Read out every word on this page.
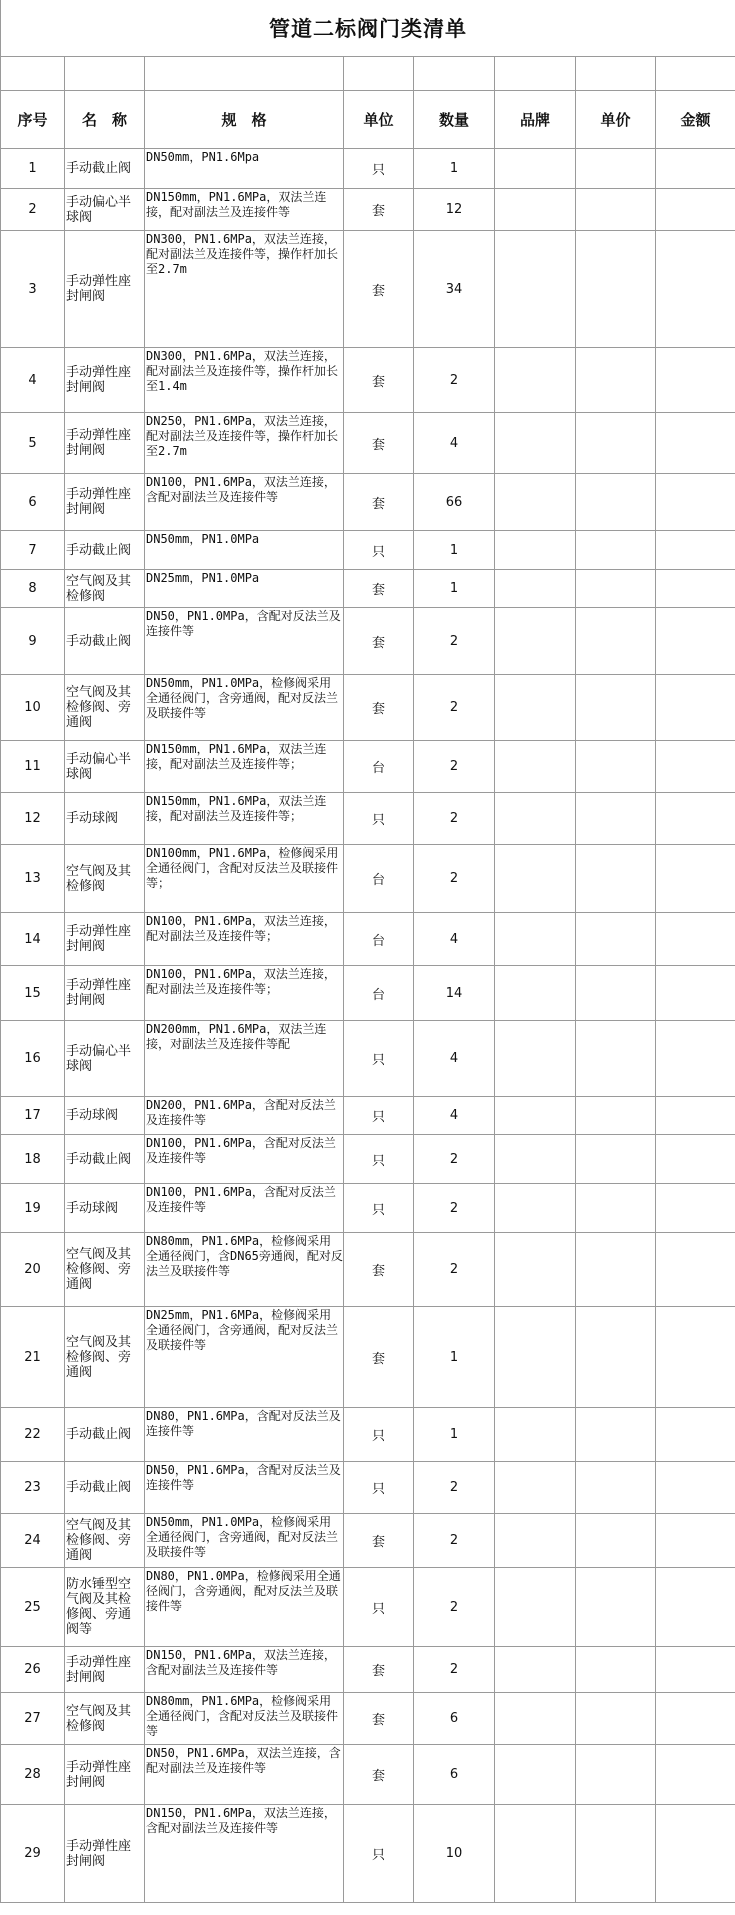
管道二标阀门类清单							

序号	名　称	规　格	单位	数量	品牌	单价	金额
1	手动截止阀	DN50mm，PN1.6Mpa	只	1			
2	手动偏心半球阀	DN150mm，PN1.6MPa，双法兰连接，配对副法兰及连接件等	套	12			
3	手动弹性座封闸阀	DN300，PN1.6MPa，双法兰连接，配对副法兰及连接件等，操作杆加长至2.7m	套	34			
4	手动弹性座封闸阀	DN300，PN1.6MPa，双法兰连接，配对副法兰及连接件等，操作杆加长至1.4m	套	2			
5	手动弹性座封闸阀	DN250，PN1.6MPa，双法兰连接，配对副法兰及连接件等，操作杆加长至2.7m	套	4			
6	手动弹性座封闸阀	DN100，PN1.6MPa，双法兰连接，含配对副法兰及连接件等	套	66			
7	手动截止阀	DN50mm，PN1.0MPa	只	1			
8	空气阀及其检修阀	DN25mm，PN1.0MPa	套	1			
9	手动截止阀	DN50，PN1.0MPa，含配对反法兰及连接件等	套	2			
10	空气阀及其检修阀、旁通阀	DN50mm，PN1.0MPa，检修阀采用全通径阀门，含旁通阀，配对反法兰及联接件等	套	2			
11	手动偏心半球阀	DN150mm，PN1.6MPa，双法兰连接，配对副法兰及连接件等；	台	2			
12	手动球阀	DN150mm，PN1.6MPa，双法兰连接，配对副法兰及连接件等；	只	2			
13	空气阀及其检修阀	DN100mm，PN1.6MPa，检修阀采用全通径阀门，含配对反法兰及联接件等；	台	2			
14	手动弹性座封闸阀	DN100，PN1.6MPa，双法兰连接，配对副法兰及连接件等；	台	4			
15	手动弹性座封闸阀	DN100，PN1.6MPa，双法兰连接，配对副法兰及连接件等；	台	14			
16	手动偏心半球阀	DN200mm，PN1.6MPa，双法兰连接，对副法兰及连接件等配	只	4			
17	手动球阀	DN200，PN1.6MPa，含配对反法兰及连接件等	只	4			
18	手动截止阀	DN100，PN1.6MPa，含配对反法兰及连接件等	只	2			
19	手动球阀	DN100，PN1.6MPa，含配对反法兰及连接件等	只	2			
20	空气阀及其检修阀、旁通阀	DN80mm，PN1.6MPa，检修阀采用全通径阀门，含DN65旁通阀，配对反法兰及联接件等	套	2			
21	空气阀及其检修阀、旁通阀	DN25mm，PN1.6MPa，检修阀采用全通径阀门，含旁通阀，配对反法兰及联接件等	套	1			
22	手动截止阀	DN80，PN1.6MPa，含配对反法兰及连接件等	只	1			
23	手动截止阀	DN50，PN1.6MPa，含配对反法兰及连接件等	只	2			
24	空气阀及其检修阀、旁通阀	DN50mm，PN1.0MPa，检修阀采用全通径阀门，含旁通阀，配对反法兰及联接件等	套	2			
25	防水锤型空气阀及其检修阀、旁通阀等	DN80，PN1.0MPa，检修阀采用全通径阀门，含旁通阀，配对反法兰及联接件等	只	2			
26	手动弹性座封闸阀	DN150，PN1.6MPa，双法兰连接，含配对副法兰及连接件等	套	2			
27	空气阀及其检修阀	DN80mm，PN1.6MPa，检修阀采用全通径阀门，含配对反法兰及联接件等	套	6			
28	手动弹性座封闸阀	DN50，PN1.6MPa，双法兰连接，含配对副法兰及连接件等	套	6			
29	手动弹性座封闸阀	DN150，PN1.6MPa，双法兰连接，含配对副法兰及连接件等	只	10			
